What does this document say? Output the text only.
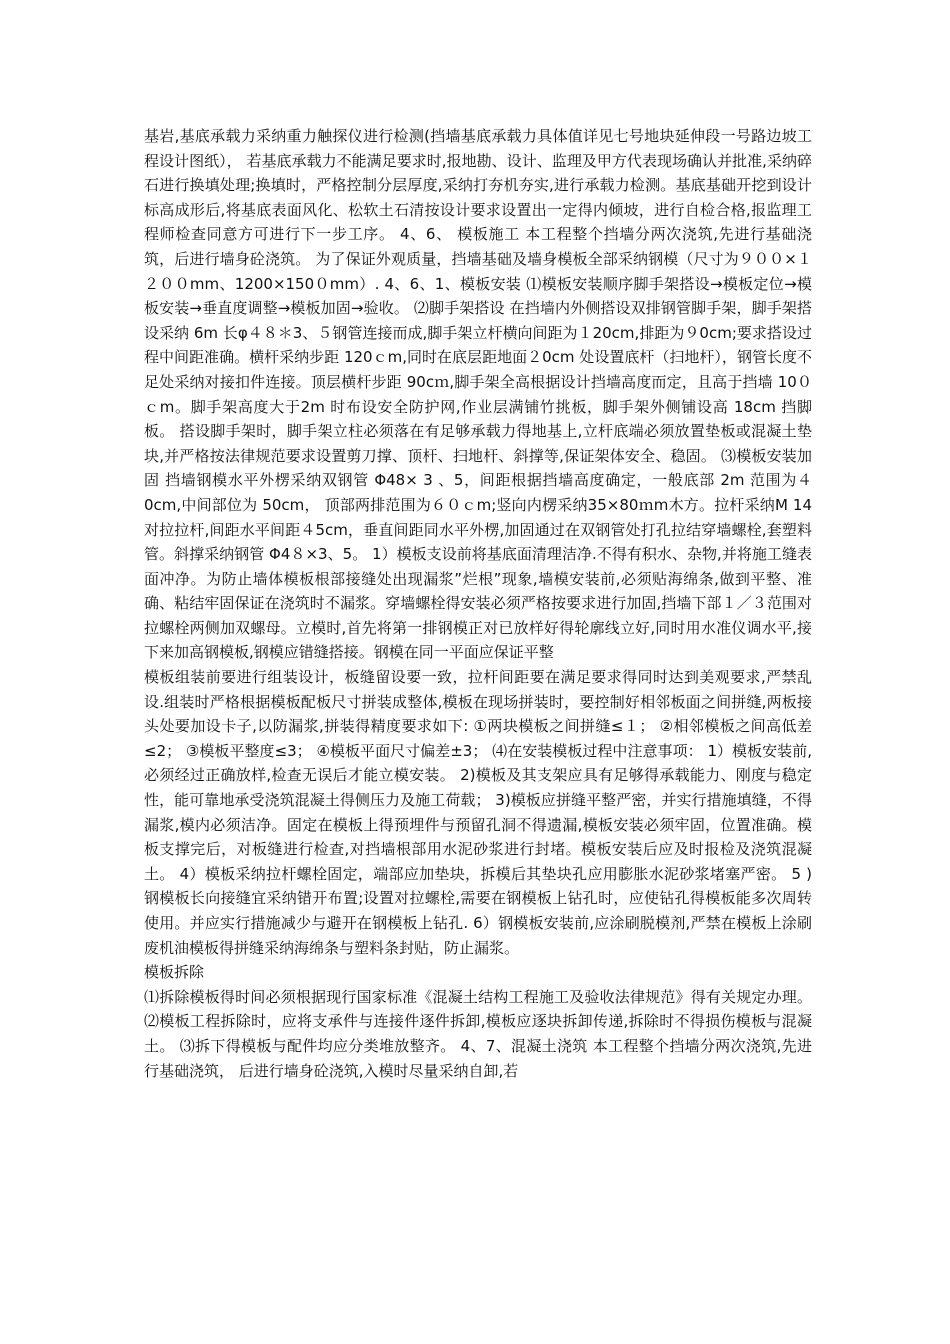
基岩,基底承载力采纳重力触探仪进行检测(挡墙基底承载力具体值详见七号地块延伸段一号路边坡工程设计图纸）， 若基底承载力不能满足要求时,报地勘、设计、监理及甲方代表现场确认并批准,采纳碎石进行换填处理;换填时，严格控制分层厚度,采纳打夯机夯实,进行承载力检测。基底基础开挖到设计标高成形后,将基底表面风化、松软土石清按设计要求设置出一定得内倾坡，进行自检合格,报监理工程师检查同意方可进行下一步工序。 4、6、 模板施工 本工程整个挡墙分两次浇筑,先进行基础浇筑，后进行墙身砼浇筑。 为了保证外观质量，挡墙基础及墙身模板全部采纳钢模（尺寸为９００×１２００mm、1200×150０mm）. 4、6、1、模板安装 ⑴模板安装顺序脚手架搭设→模板定位→模板安装→垂直度调整→模板加固→验收。 ⑵脚手架搭设 在挡墙内外侧搭设双排钢管脚手架，脚手架搭设采纳 6m 长φ４８＊3、５钢管连接而成,脚手架立杆横向间距为１20cm,排距为９0cm;要求搭设过程中间距准确。横杆采纳步距 120ｃm,同时在底层距地面２0cm 处设置底杆（扫地杆），钢管长度不足处采纳对接扣件连接。顶层横杆步距 90cｍ,脚手架全高根据设计挡墙高度而定，且高于挡墙 10０ｃm。脚手架高度大于2m 时布设安全防护网,作业层满铺竹挑板，脚手架外侧铺设高 18cm 挡脚板。 搭设脚手架时，脚手架立柱必须落在有足够承载力得地基上,立杆底端必须放置垫板或混凝土垫块,并严格按法律规范要求设置剪刀撑、顶杆、扫地杆、斜撑等,保证架体安全、稳固。 ⑶模板安装加固 挡墙钢模水平外楞采纳双钢管 Φ48× 3 、5，间距根据挡墙高度确定，一般底部 2m 范围为４0cm,中间部位为 50cm， 顶部两排范围为６０ｃm;竖向内楞采纳35×80ｍm木方。拉杆采纳M 14 对拉拉杆,间距水平间距４5cm，垂直间距同水平外楞,加固通过在双钢管处打孔拉结穿墙螺栓,套塑料管。斜撑采纳钢管 Φ4８×3、5。 1）模板支设前将基底面清理洁净.不得有积水、杂物,并将施工缝表面冲净。为防止墙体模板根部接缝处出现漏浆”烂根”现象,墙模安装前,必须贴海绵条,做到平整、准确、粘结牢固保证在浇筑时不漏浆。穿墙螺栓得安装必须严格按要求进行加固,挡墙下部１／３范围对拉螺栓两侧加双螺母。立模时,首先将第一排钢模正对已放样好得轮廓线立好,同时用水准仪调水平,接下来加高钢模板,钢模应错缝搭接。钢模在同一平面应保证平整

模板组装前要进行组装设计，板缝留设要一致，拉杆间距要在满足要求得同时达到美观要求,严禁乱设.组装时严格根据模板配板尺寸拼装成整体,模板在现场拼装时，要控制好相邻板面之间拼缝,两板接头处要加设卡子,以防漏浆,拼装得精度要求如下: ①两块模板之间拼缝≤１； ②相邻模板之间高低差≤2； ③模板平整度≤3； ④模板平面尺寸偏差±3； ⑷在安装模板过程中注意事项： 1）模板安装前,必须经过正确放样,检查无误后才能立模安装。 2)模板及其支架应具有足够得承载能力、刚度与稳定性，能可靠地承受浇筑混凝土得侧压力及施工荷载； 3)模板应拼缝平整严密，并实行措施填缝，不得漏浆,模内必须洁净。固定在模板上得预埋件与预留孔洞不得遗漏,模板安装必须牢固，位置准确。模板支撑完后，对板缝进行检查,对挡墙根部用水泥砂浆进行封堵。模板安装后应及时报检及浇筑混凝土。 4）模板采纳拉杆螺栓固定，端部应加垫块，拆模后其垫块孔应用膨胀水泥砂浆堵塞严密。 5 )钢模板长向接缝宜采纳错开布置;设置对拉螺栓,需要在钢模板上钻孔时，应使钻孔得模板能多次周转使用。并应实行措施减少与避开在钢模板上钻孔. 6）钢模板安装前,应涂刷脱模剂,严禁在模板上涂刷废机油模板得拼缝采纳海绵条与塑料条封贴，防止漏浆。

模板拆除

⑴拆除模板得时间必须根据现行国家标准《混凝土结构工程施工及验收法律规范》得有关规定办理。 ⑵模板工程拆除时，应将支承件与连接件逐件拆卸,模板应逐块拆卸传递,拆除时不得损伤模板与混凝土。 ⑶拆下得模板与配件均应分类堆放整齐。 4、7、混凝土浇筑 本工程整个挡墙分两次浇筑,先进行基础浇筑， 后进行墙身砼浇筑,入模时尽量采纳自卸,若
